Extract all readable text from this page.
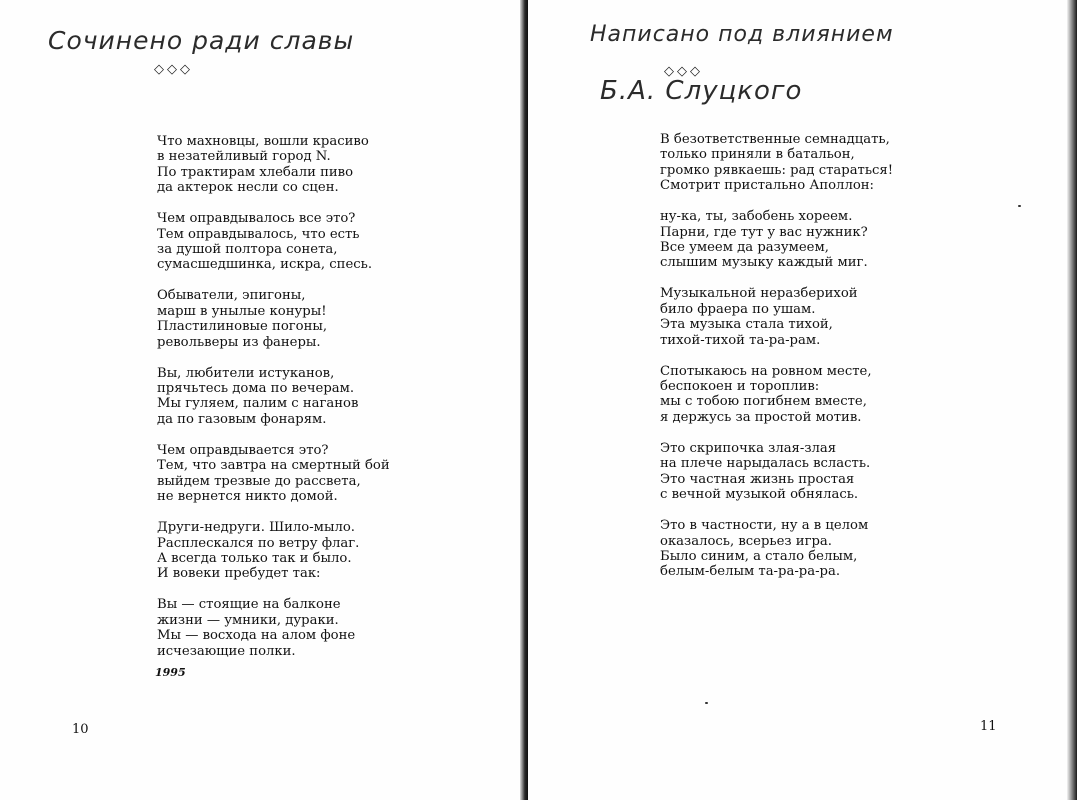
Сочинено ради славы
◇◇◇
Что махновцы, вошли красиво
в незатейливый город N.
По трактирам хлебали пиво
да актерок несли со сцен.
Чем оправдывалось все это?
Тем оправдывалось, что есть
за душой полтора сонета,
сумасшедшинка, искра, спесь.
Обыватели, эпигоны,
марш в унылые конуры!
Пластилиновые погоны,
револьверы из фанеры.
Вы, любители истуканов,
прячьтесь дома по вечерам.
Мы гуляем, палим с наганов
да по газовым фонарям.
Чем оправдывается это?
Тем, что завтра на смертный бой
выйдем трезвые до рассвета,
не вернется никто домой.
Други-недруги. Шило-мыло.
Расплескался по ветру флаг.
А всегда только так и было.
И вовеки пребудет так:
Вы — стоящие на балконе
жизни — умники, дураки.
Мы — восхода на алом фоне
исчезающие полки.
1995
10
Написано под влиянием
◇◇◇
Б.А. Слуцкого
В безответственные семнадцать,
только приняли в батальон,
громко рявкаешь: рад стараться!
Смотрит пристально Аполлон:
ну-ка, ты, забобень хореем.
Парни, где тут у вас нужник?
Все умеем да разумеем,
слышим музыку каждый миг.
Музыкальной неразберихой
било фраера по ушам.
Эта музыка стала тихой,
тихой-тихой та-ра-рам.
Спотыкаюсь на ровном месте,
беспокоен и тороплив:
мы с тобою погибнем вместе,
я держусь за простой мотив.
Это скрипочка злая-злая
на плече нарыдалась всласть.
Это частная жизнь простая
с вечной музыкой обнялась.
Это в частности, ну а в целом
оказалось, всерьез игра.
Было синим, а стало белым,
белым-белым та-ра-ра-ра.
11
